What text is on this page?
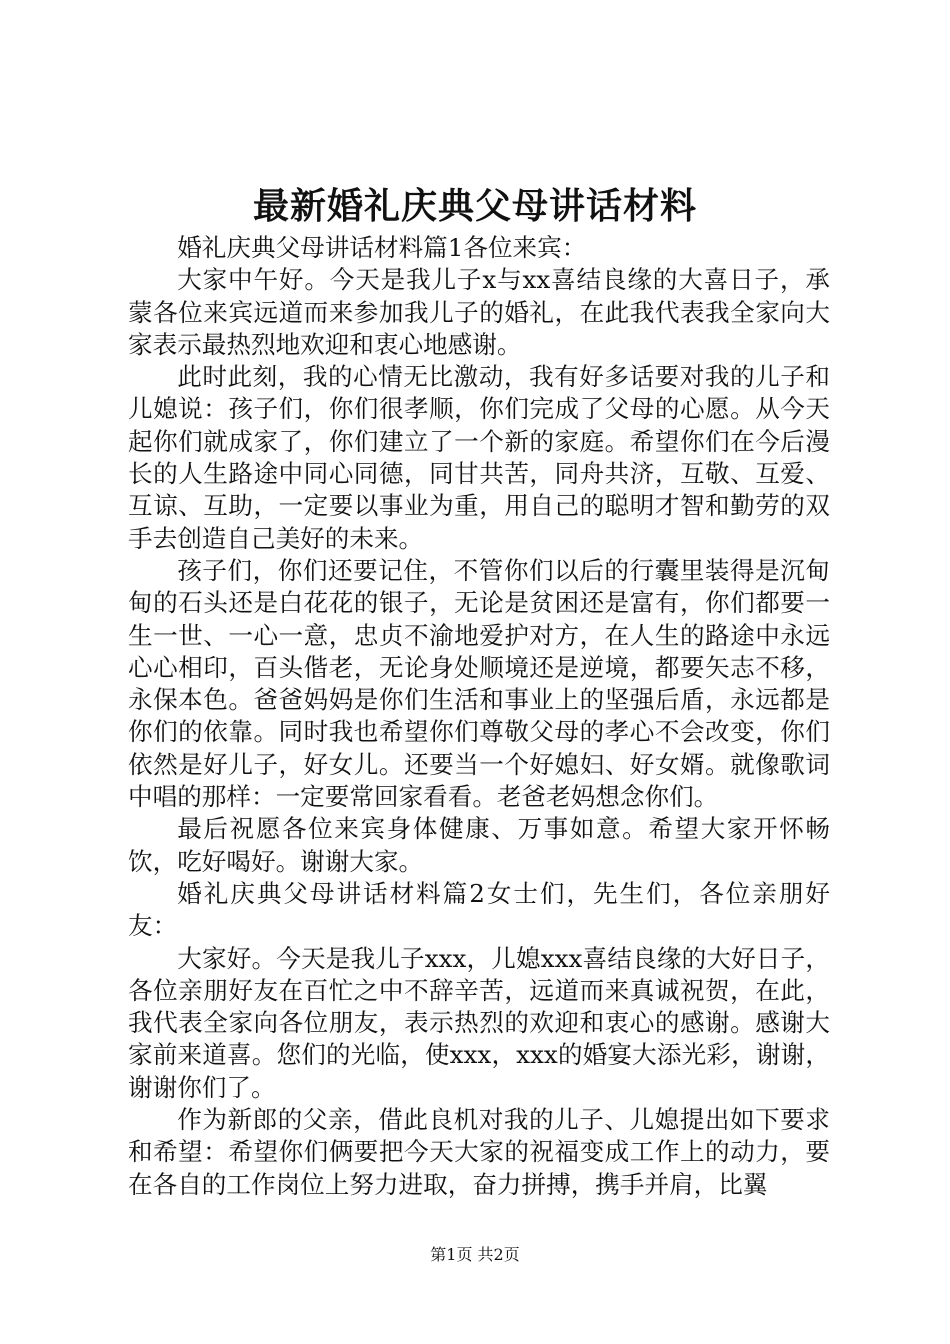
最新婚礼庆典父母讲话材料

婚礼庆典父母讲话材料篇1各位来宾：

大家中午好。今天是我儿子x与xx喜结良缘的大喜日子，承蒙各位来宾远道而来参加我儿子的婚礼，在此我代表我全家向大家表示最热烈地欢迎和衷心地感谢。

此时此刻，我的心情无比激动，我有好多话要对我的儿子和儿媳说：孩子们，你们很孝顺，你们完成了父母的心愿。从今天起你们就成家了，你们建立了一个新的家庭。希望你们在今后漫长的人生路途中同心同德，同甘共苦，同舟共济，互敬、互爱、互谅、互助，一定要以事业为重，用自己的聪明才智和勤劳的双手去创造自己美好的未来。

孩子们，你们还要记住，不管你们以后的行囊里装得是沉甸甸的石头还是白花花的银子，无论是贫困还是富有，你们都要一生一世、一心一意，忠贞不渝地爱护对方，在人生的路途中永远心心相印，百头偕老，无论身处顺境还是逆境，都要矢志不移，永保本色。爸爸妈妈是你们生活和事业上的坚强后盾，永远都是你们的依靠。同时我也希望你们尊敬父母的孝心不会改变，你们依然是好儿子，好女儿。还要当一个好媳妇、好女婿。就像歌词中唱的那样：一定要常回家看看。老爸老妈想念你们。

最后祝愿各位来宾身体健康、万事如意。希望大家开怀畅饮，吃好喝好。谢谢大家。

婚礼庆典父母讲话材料篇2女士们，先生们，各位亲朋好友：

大家好。今天是我儿子xxx，儿媳xxx喜结良缘的大好日子，各位亲朋好友在百忙之中不辞辛苦，远道而来真诚祝贺，在此，我代表全家向各位朋友，表示热烈的欢迎和衷心的感谢。感谢大家前来道喜。您们的光临，使xxx，xxx的婚宴大添光彩，谢谢，谢谢你们了。

作为新郎的父亲，借此良机对我的儿子、儿媳提出如下要求和希望：希望你们俩要把今天大家的祝福变成工作上的动力，要在各自的工作岗位上努力进取，奋力拼搏，携手并肩，比翼

第1页 共2页
